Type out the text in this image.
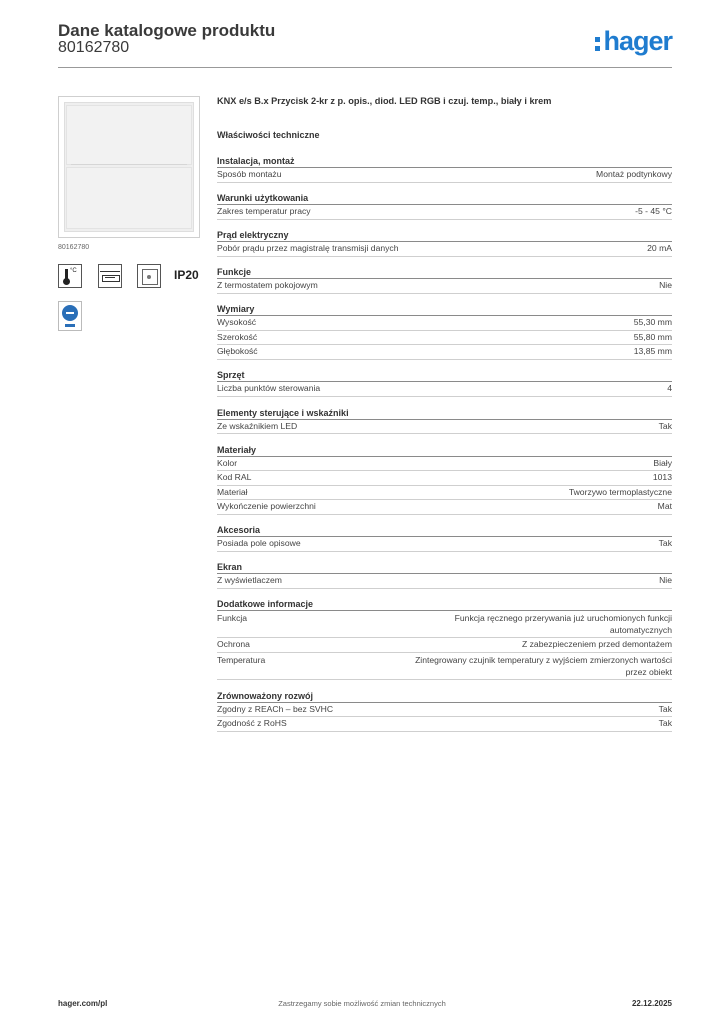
Dane katalogowe produktu
80162780	hager
80162780
°C	IP20
KNX e/s B.x Przycisk 2-kr z p. opis., diod. LED RGB i czuj. temp., biały i krem
Właściwości techniczne
Instalacja, montaż
Sposób montażu	Montaż podtynkowy
Warunki użytkowania
Zakres temperatur pracy	-5 - 45 °C
Prąd elektryczny
Pobór prądu przez magistralę transmisji danych	20 mA
Funkcje
Z termostatem pokojowym	Nie
Wymiary
Wysokość	55,30 mm
Szerokość	55,80 mm
Głębokość	13,85 mm
Sprzęt
Liczba punktów sterowania	4
Elementy sterujące i wskaźniki
Ze wskaźnikiem LED	Tak
Materiały
Kolor	Biały
Kod RAL	1013
Materiał	Tworzywo termoplastyczne
Wykończenie powierzchni	Mat
Akcesoria
Posiada pole opisowe	Tak
Ekran
Z wyświetlaczem	Nie
Dodatkowe informacje
Funkcja	Funkcja ręcznego przerywania już uruchomionych funkcji automatycznych
Ochrona	Z zabezpieczeniem przed demontażem
Temperatura	Zintegrowany czujnik temperatury z wyjściem zmierzonych wartości przez obiekt
Zrównoważony rozwój
Zgodny z REACh – bez SVHC	Tak
Zgodność z RoHS	Tak
hager.com/pl	Zastrzegamy sobie możliwość zmian technicznych	22.12.2025
